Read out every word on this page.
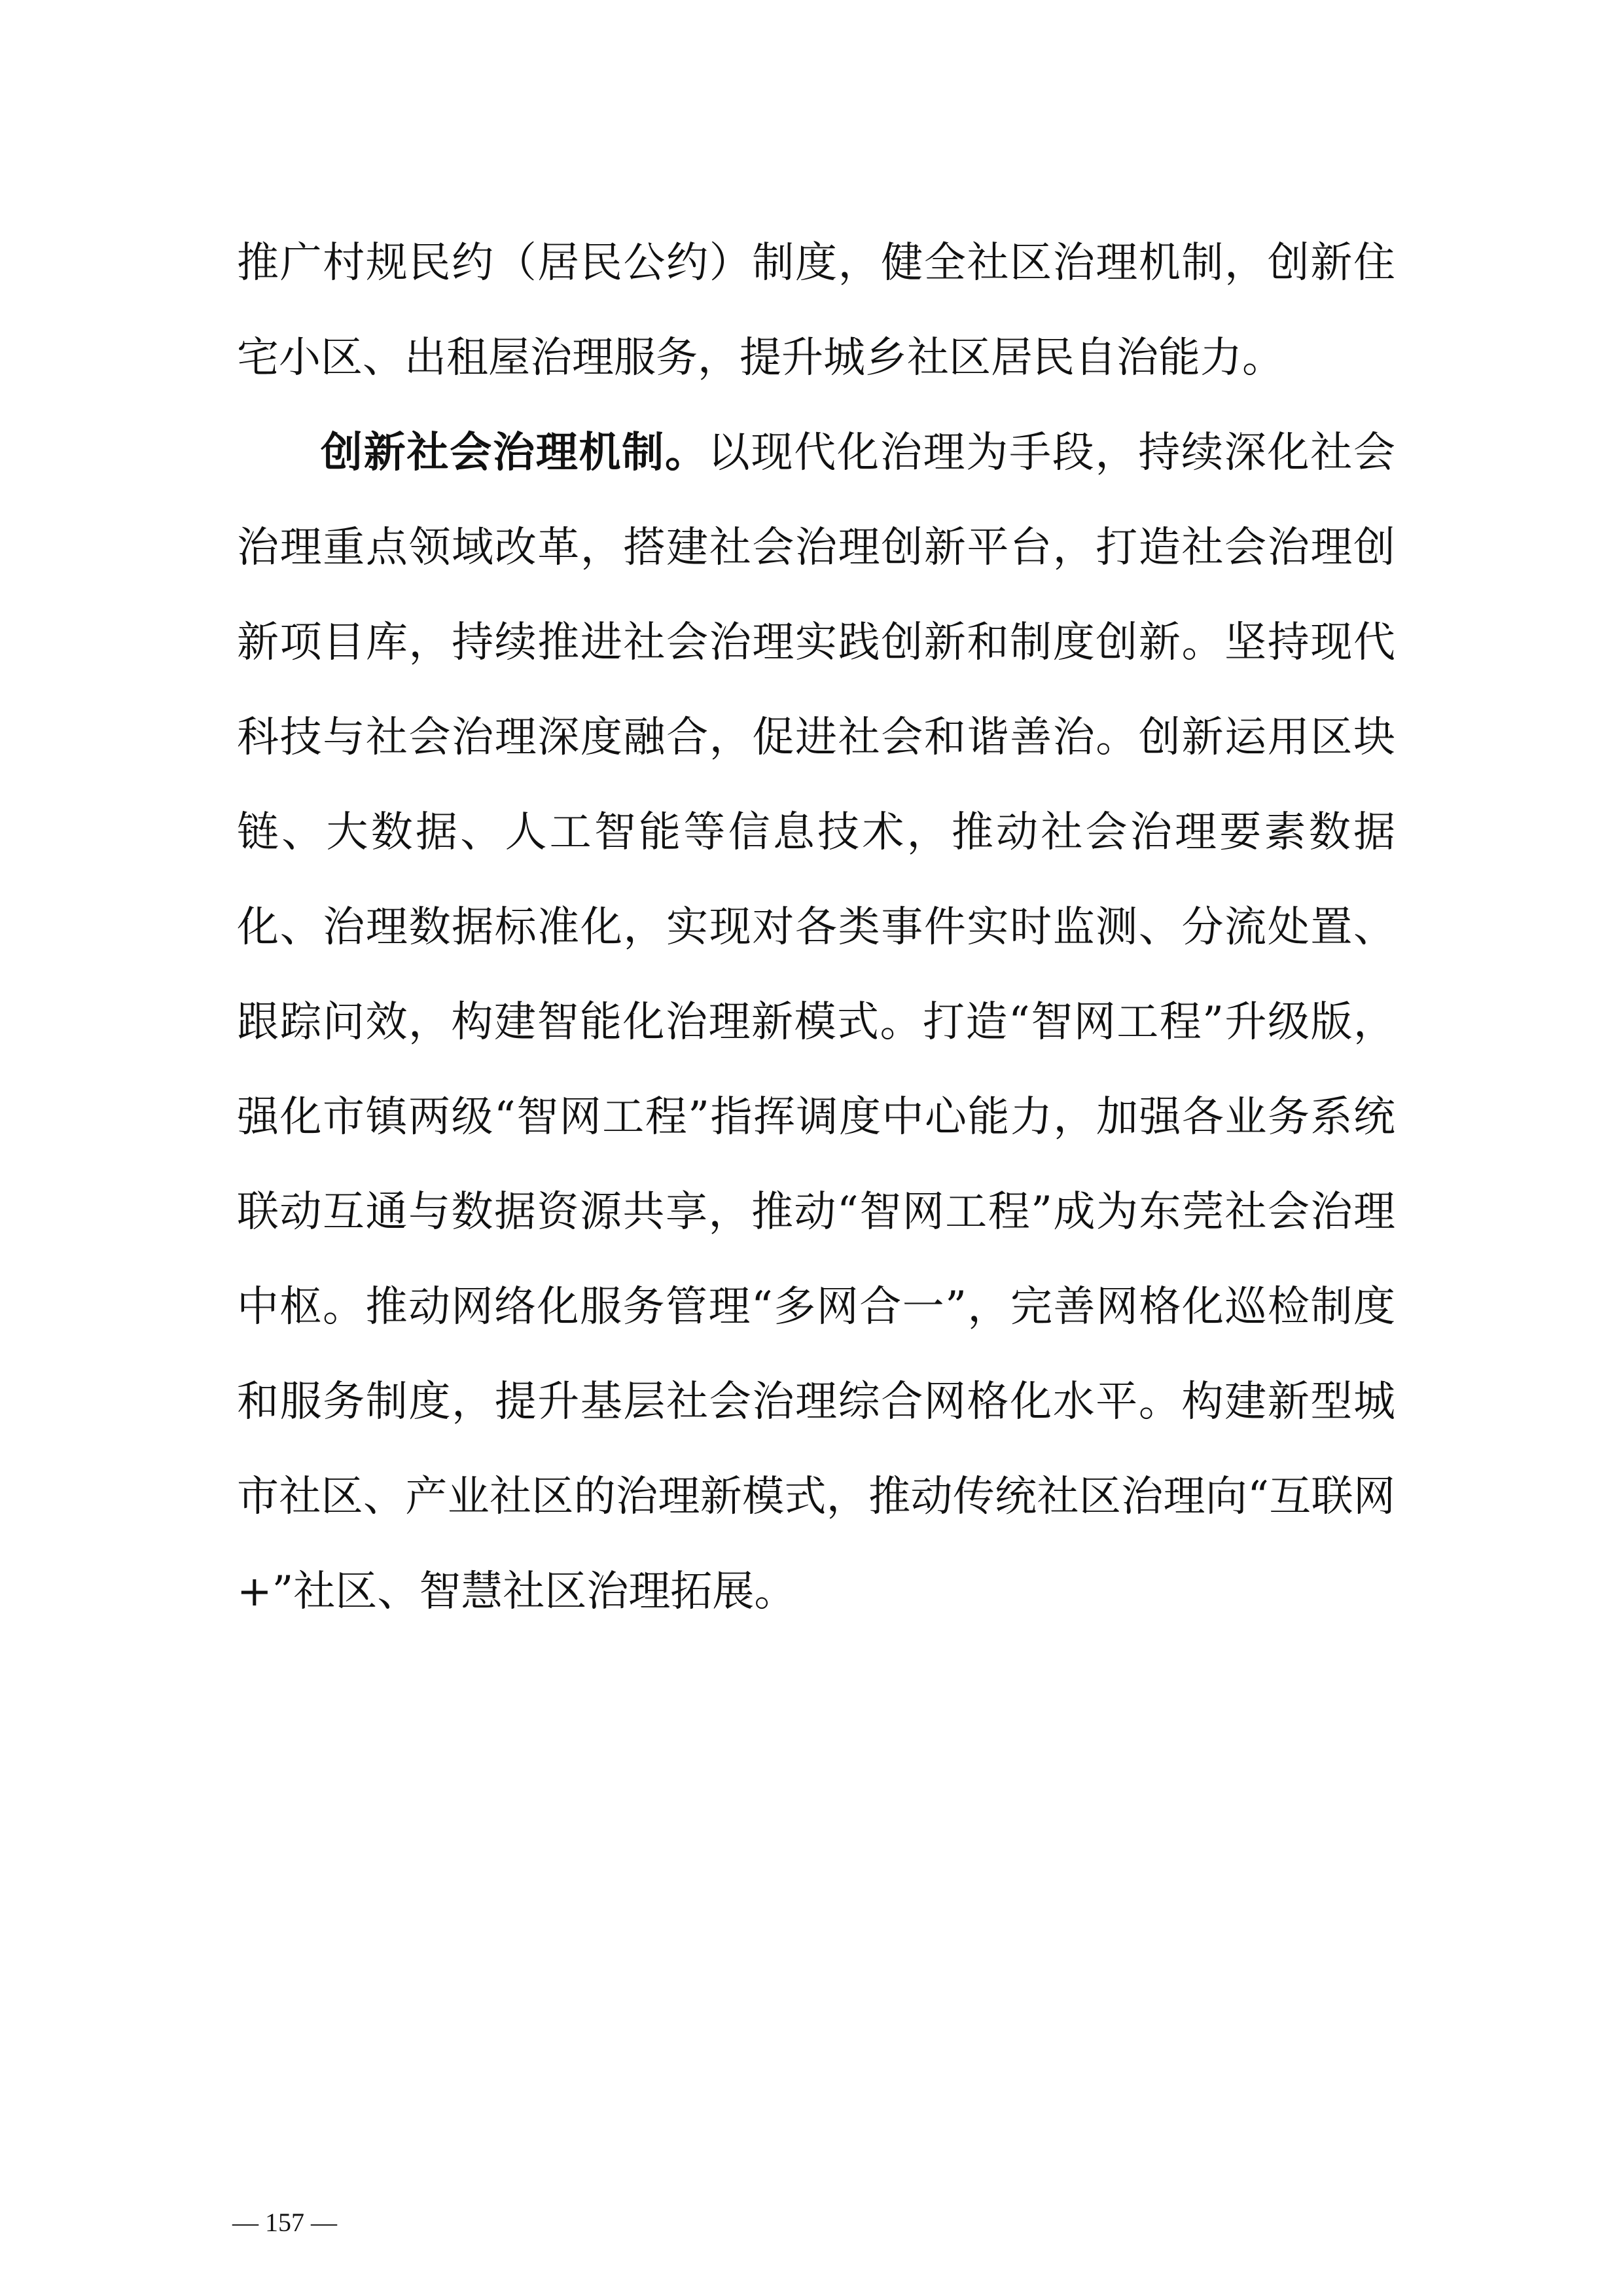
推广村规民约（居民公约）制度，健全社区治理机制，创新住宅小区、出租屋治理服务，提升城乡社区居民自治能力。

创新社会治理机制。以现代化治理为手段，持续深化社会治理重点领域改革，搭建社会治理创新平台，打造社会治理创新项目库，持续推进社会治理实践创新和制度创新。坚持现代科技与社会治理深度融合，促进社会和谐善治。创新运用区块链、大数据、人工智能等信息技术，推动社会治理要素数据化、治理数据标准化，实现对各类事件实时监测、分流处置、跟踪问效，构建智能化治理新模式。打造“智网工程”升级版，强化市镇两级“智网工程”指挥调度中心能力，加强各业务系统联动互通与数据资源共享，推动“智网工程”成为东莞社会治理中枢。推动网络化服务管理“多网合一”，完善网格化巡检制度和服务制度，提升基层社会治理综合网格化水平。构建新型城市社区、产业社区的治理新模式，推动传统社区治理向“互联网+”社区、智慧社区治理拓展。

— 157 —
